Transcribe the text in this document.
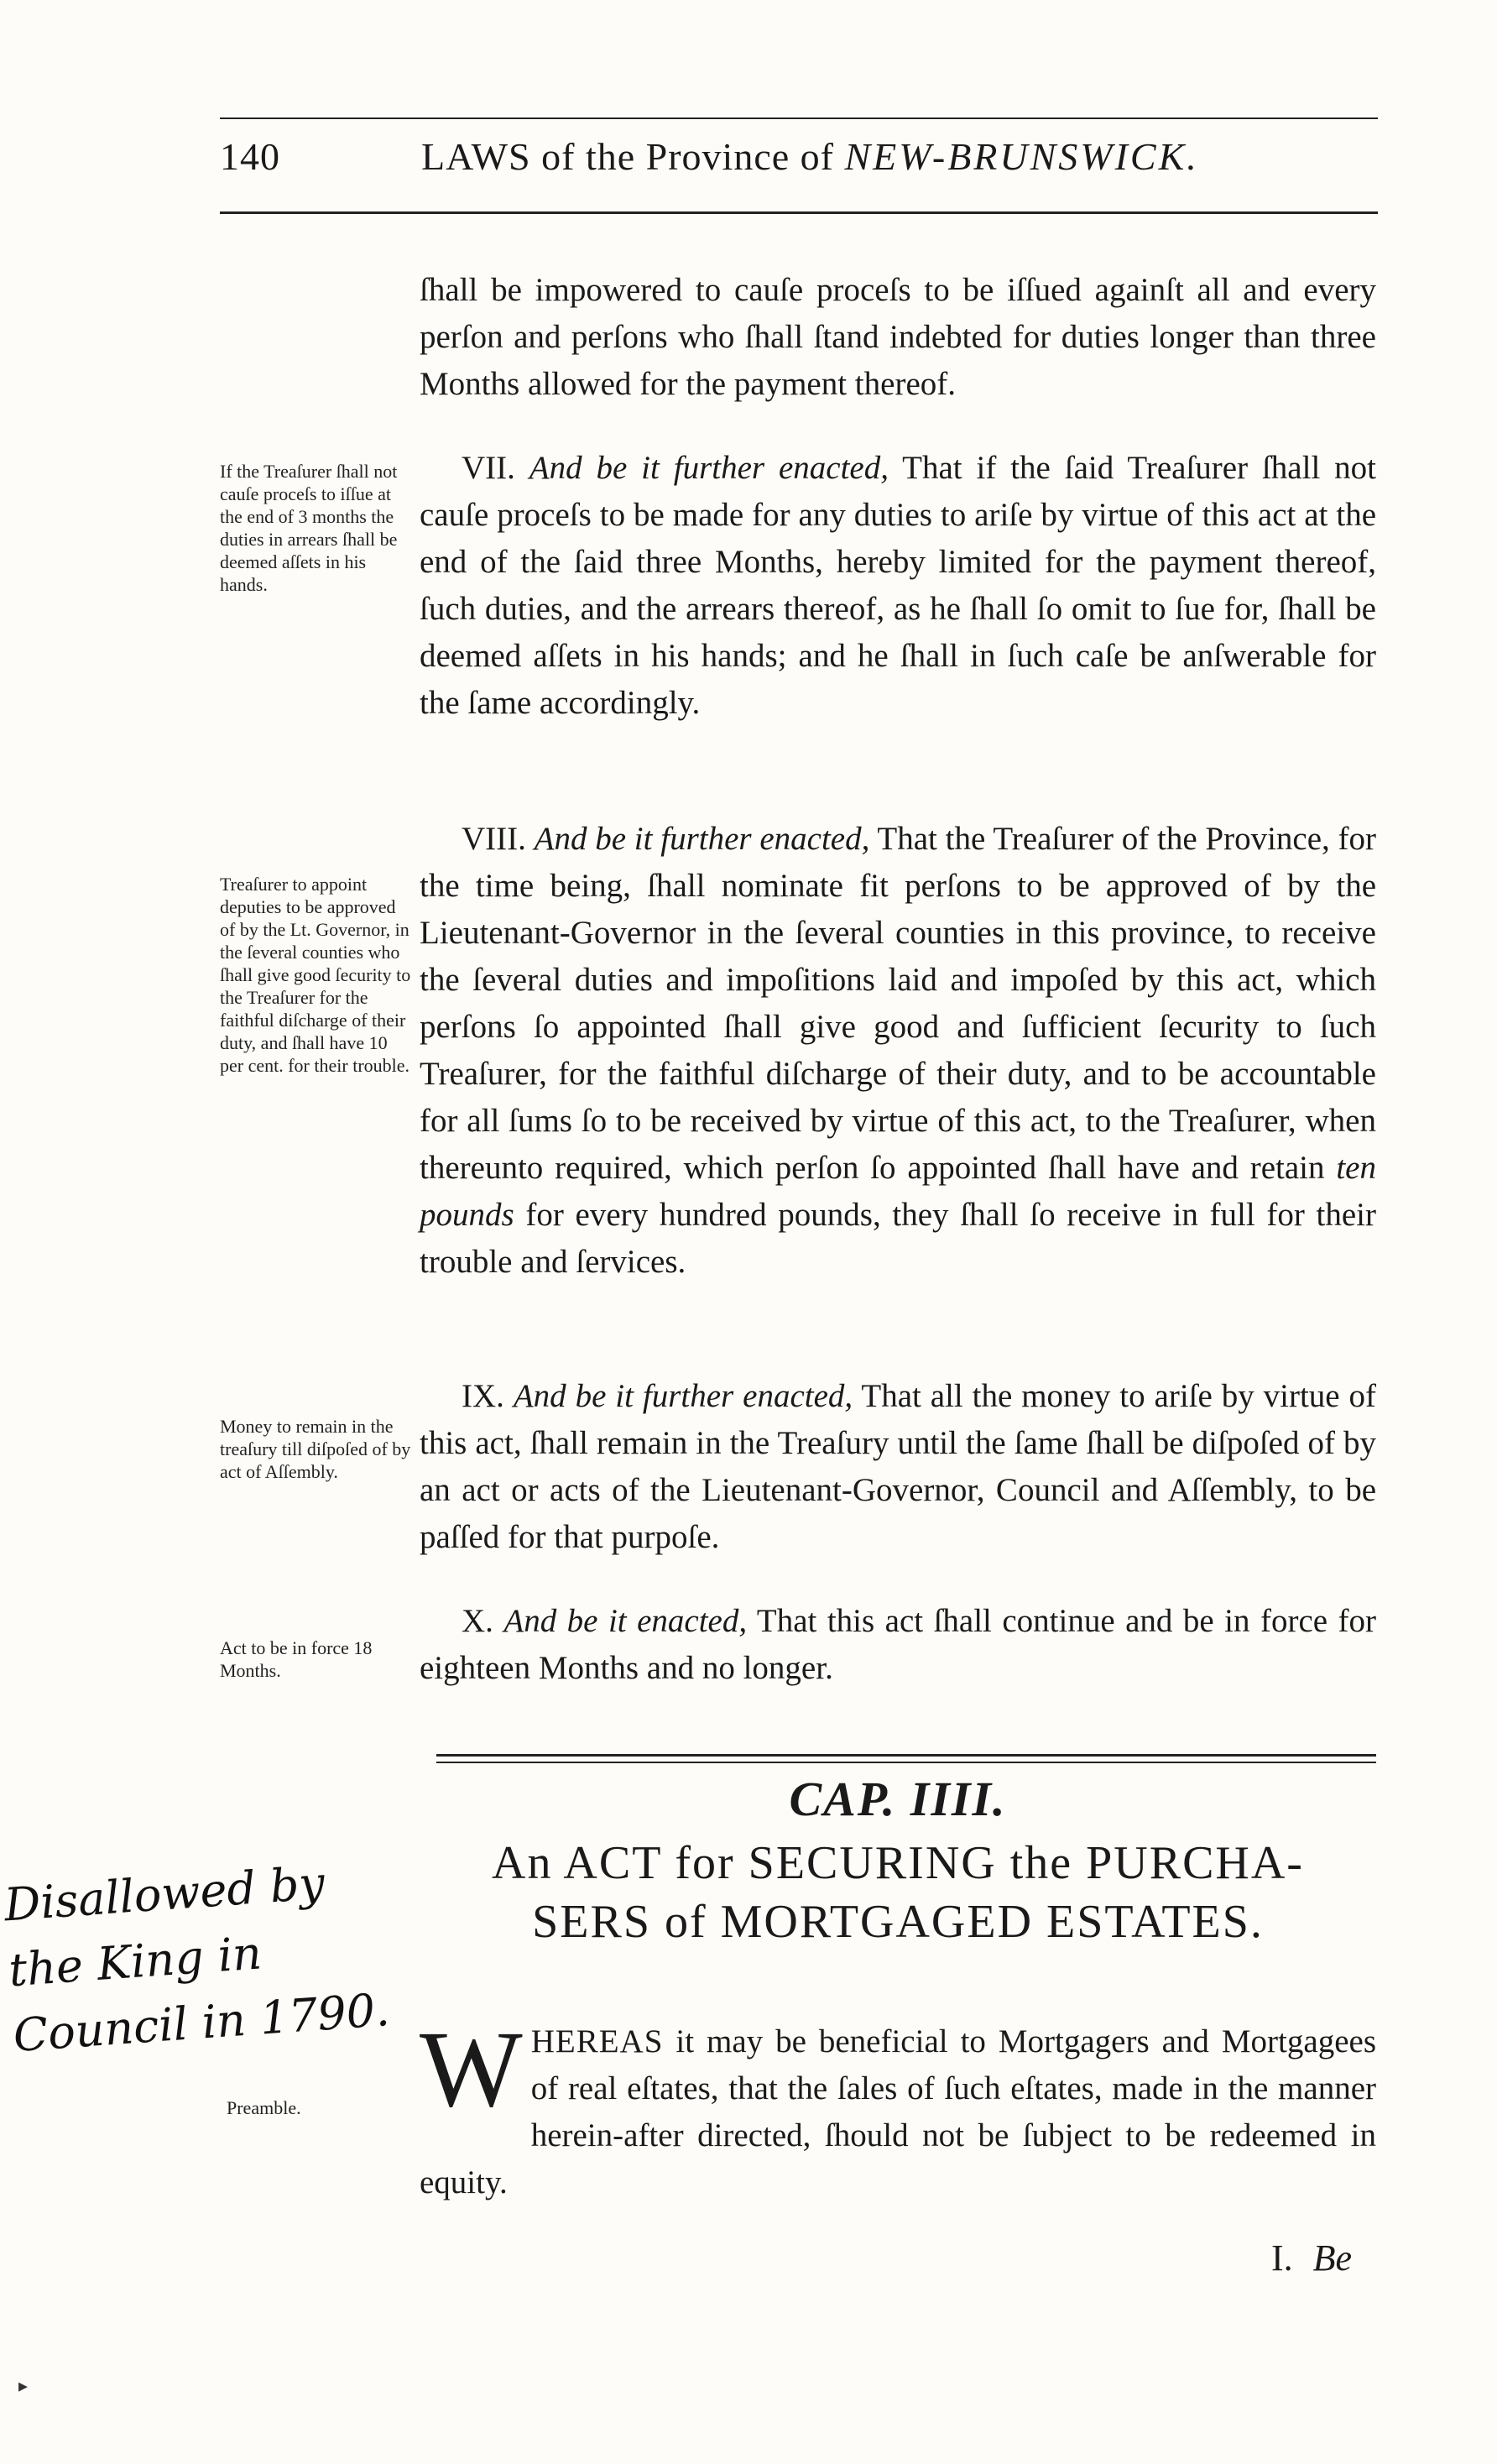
140	LAWS of the Province of NEW-BRUNSWICK.

ſhall be impowered to cauſe proceſs to be iſſued againſt all and every perſon and perſons who ſhall ſtand indebted for duties longer than three Months allowed for the payment thereof.

If the Treaſurer ſhall not cauſe proceſs to iſſue at the end of 3 months the duties in arrears ſhall be deemed aſſets in his hands.

VII. And be it further enacted, That if the ſaid Treaſurer ſhall not cauſe proceſs to be made for any duties to ariſe by virtue of this act at the end of the ſaid three Months, hereby limited for the payment thereof, ſuch duties, and the arrears thereof, as he ſhall ſo omit to ſue for, ſhall be deemed aſſets in his hands; and he ſhall in ſuch caſe be anſwerable for the ſame accordingly.

Treaſurer to appoint deputies to be approved of by the Lt. Governor, in the ſeveral counties who ſhall give good ſecurity to the Treaſurer for the faithful diſcharge of their duty, and ſhall have 10 per cent. for their trouble.

VIII. And be it further enacted, That the Treaſurer of the Province, for the time being, ſhall nominate fit perſons to be approved of by the Lieutenant-Governor in the ſeveral counties in this province, to receive the ſeveral duties and impoſitions laid and impoſed by this act, which perſons ſo appointed ſhall give good and ſufficient ſecurity to ſuch Treaſurer, for the faithful diſcharge of their duty, and to be accountable for all ſums ſo to be received by virtue of this act, to the Treaſurer, when thereunto required, which perſon ſo appointed ſhall have and retain ten pounds for every hundred pounds, they ſhall ſo receive in full for their trouble and ſervices.

Money to remain in the treaſury till diſpoſed of by act of Aſſembly.

IX. And be it further enacted, That all the money to ariſe by virtue of this act, ſhall remain in the Treaſury until the ſame ſhall be diſpoſed of by an act or acts of the Lieutenant-Governor, Council and Aſſembly, to be paſſed for that purpoſe.

Act to be in force 18 Months.

X. And be it enacted, That this act ſhall continue and be in force for eighteen Months and no longer.

CAP. IIII.
An ACT for SECURING the PURCHA-
SERS of MORTGAGED ESTATES.
Preamble.	WHEREAS it may be beneficial to Mortgagers and Mortgagees of real eſtates, that the ſales of ſuch eſtates, made in the manner herein-after directed, ſhould not be ſubject to be redeemed in equity.
Disallowed by
the King in
Council in 1790.
I. Be
▸
